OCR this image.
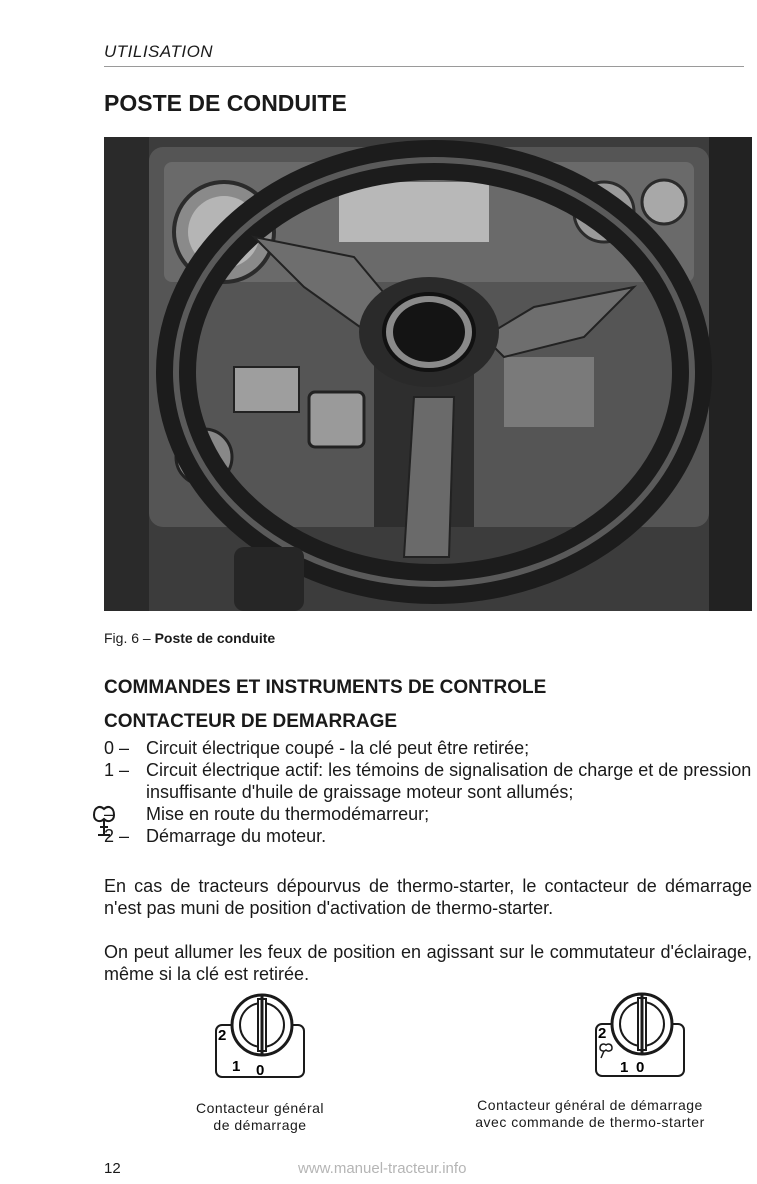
UTILISATION
POSTE DE CONDUITE
Fig. 6 – Poste de conduite
COMMANDES ET INSTRUMENTS DE CONTROLE
CONTACTEUR DE DEMARRAGE
0 – Circuit électrique coupé - la clé peut être retirée;
1 – Circuit électrique actif: les témoins de signalisation de charge et de pression insuffisante d'huile de graissage moteur sont allumés;
– Mise en route du thermodémarreur;
2 – Démarrage du moteur.

En cas de tracteurs dépourvus de thermo-starter, le contacteur de démarrage n'est pas muni de position d'activation de thermo-starter.

On peut allumer les feux de position en agissant sur le commutateur d'éclairage, même si la clé est retirée.

2
1 0
Contacteur général
de démarrage
2
1 0
Contacteur général de démarrage
avec commande de thermo-starter
12	www.manuel-tracteur.info
